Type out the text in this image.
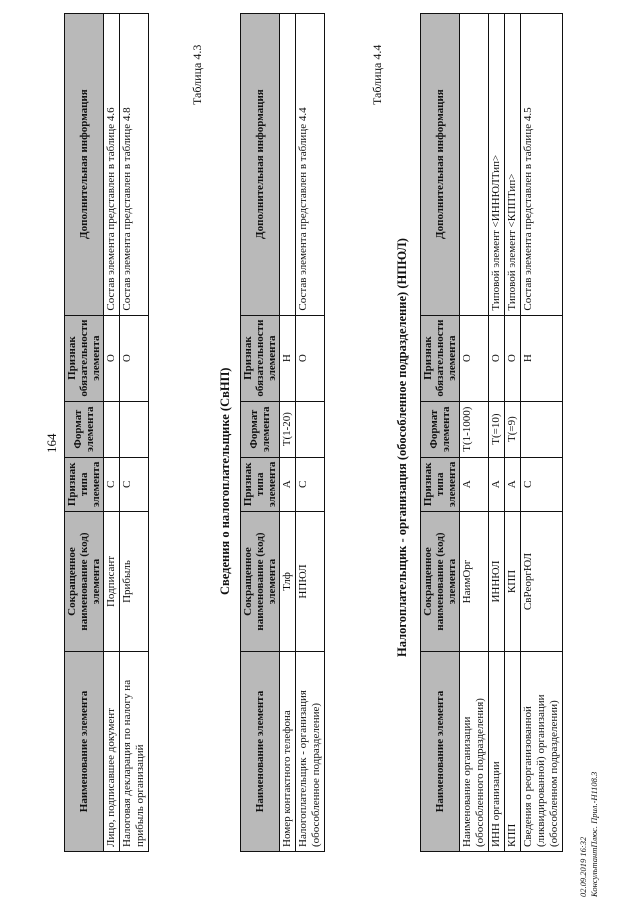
164
Наименование элемента	Сокращенное наименование (код) элемента	Признак типа элемента	Формат элемента	Признак обязательности элемента	Дополнительная информация
Лицо, подписавшее документ	Подписант	С		О	Состав элемента представлен в таблице 4.6
Налоговая декларация по налогу на прибыль организаций	Прибыль	С		О	Состав элемента представлен в таблице 4.8
Таблица 4.3
Сведения о налогоплательщике (СвНП)
Наименование элемента	Сокращенное наименование (код) элемента	Признак типа элемента	Формат элемента	Признак обязательности элемента	Дополнительная информация
Номер контактного телефона	Тлф	А	T(1-20)	Н	
Налогоплательщик - организация (обособленное подразделение)	НПЮЛ	С		О	Состав элемента представлен в таблице 4.4
Таблица 4.4
Налогоплательщик - организация (обособленное подразделение) (НПЮЛ)
Наименование элемента	Сокращенное наименование (код) элемента	Признак типа элемента	Формат элемента	Признак обязательности элемента	Дополнительная информация
Наименование организации (обособленного подразделения)	НаимОрг	А	T(1-1000)	О	
ИНН организации	ИННЮЛ	А	T(=10)	О	Типовой элемент <ИННЮЛТип>
КПП	КПП	А	T(=9)	О	Типовой элемент <КППТип>
Сведения о реорганизованной (ликвидированной) организации (обособленном подразделении)	СвРеоргЮЛ	С		Н	Состав элемента представлен в таблице 4.5
02.09.2019 16:32 КонсультантПлюс. Прил.-Н1108.3
